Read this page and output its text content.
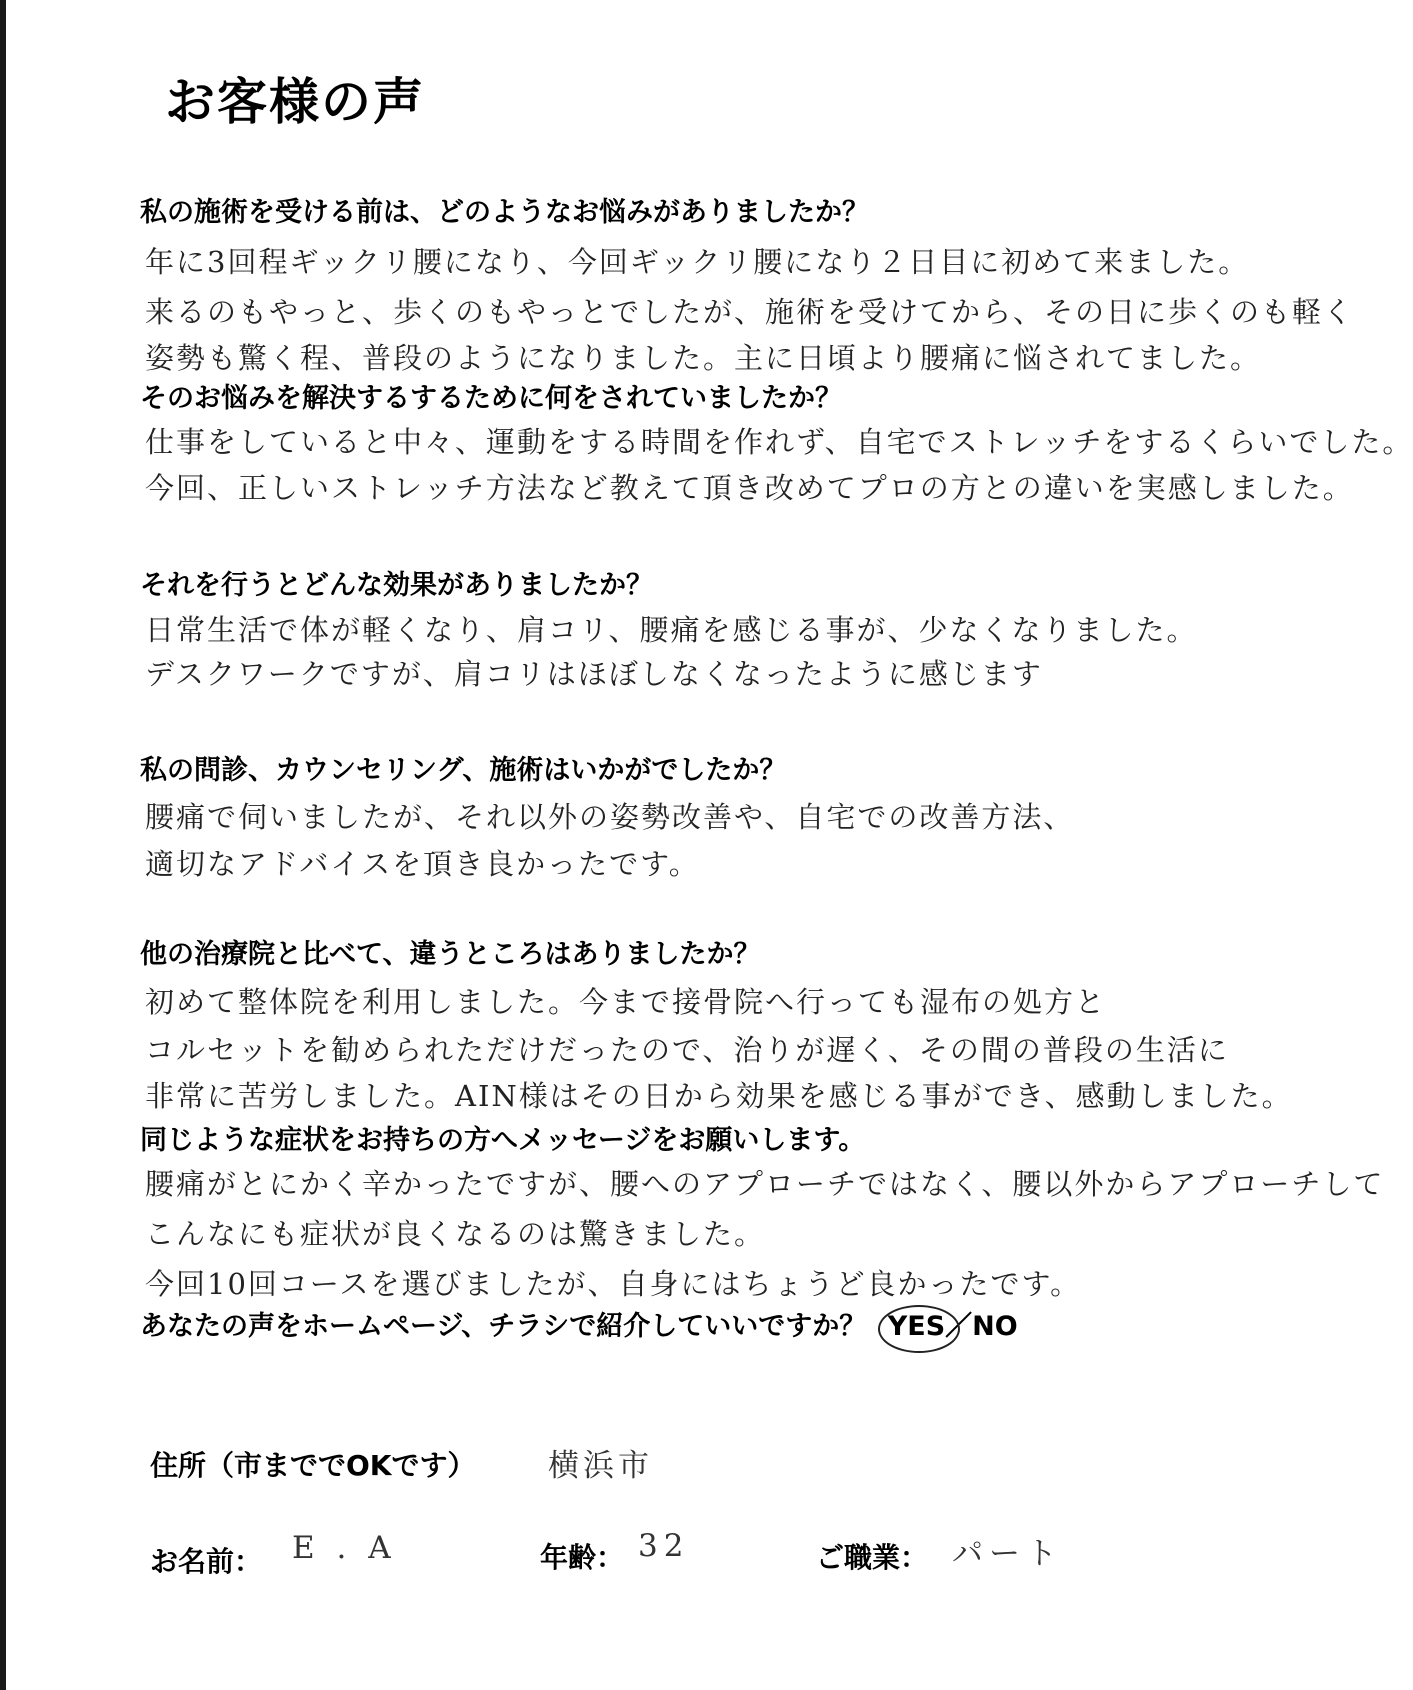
お客様の声
私の施術を受ける前は、どのようなお悩みがありましたか？
年に3回程ギックリ腰になり、今回ギックリ腰になり２日目に初めて来ました。
来るのもやっと、歩くのもやっとでしたが、施術を受けてから、その日に歩くのも軽く
姿勢も驚く程、普段のようになりました。主に日頃より腰痛に悩されてました。
そのお悩みを解決するするために何をされていましたか？
仕事をしていると中々、運動をする時間を作れず、自宅でストレッチをするくらいでした。
今回、正しいストレッチ方法など教えて頂き改めてプロの方との違いを実感しました。
それを行うとどんな効果がありましたか？
日常生活で体が軽くなり、肩コリ、腰痛を感じる事が、少なくなりました。
デスクワークですが、肩コリはほぼしなくなったように感じます
私の問診、カウンセリング、施術はいかがでしたか？
腰痛で伺いましたが、それ以外の姿勢改善や、自宅での改善方法、
適切なアドバイスを頂き良かったです。
他の治療院と比べて、違うところはありましたか？
初めて整体院を利用しました。今まで接骨院へ行っても湿布の処方と
コルセットを勧められただけだったので、治りが遅く、その間の普段の生活に
非常に苦労しました。AIN様はその日から効果を感じる事ができ、感動しました。
同じような症状をお持ちの方へメッセージをお願いします。
腰痛がとにかく辛かったですが、腰へのアプローチではなく、腰以外からアプローチして
こんなにも症状が良くなるのは驚きました。
今回10回コースを選びましたが、自身にはちょうど良かったです。
あなたの声をホームページ、チラシで紹介していいですか？ YES／NO
住所（市まででOKです） 横浜市
お名前： E . A	年齢： 32	ご職業： パート
